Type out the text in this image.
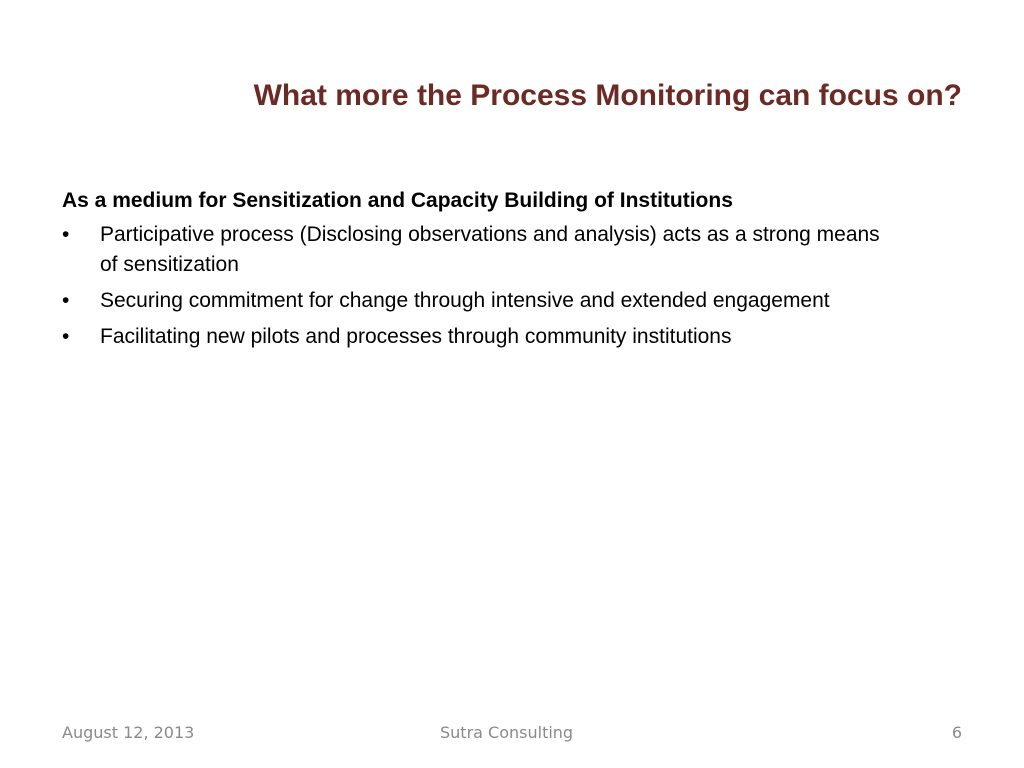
What more the Process Monitoring can focus on?
As a medium for Sensitization and Capacity Building of Institutions
•	Participative process (Disclosing observations and analysis) acts as a strong means of sensitization
•	Securing commitment for change through intensive and extended engagement
•	Facilitating new pilots and processes through community institutions
August 12, 2013	Sutra Consulting	6
